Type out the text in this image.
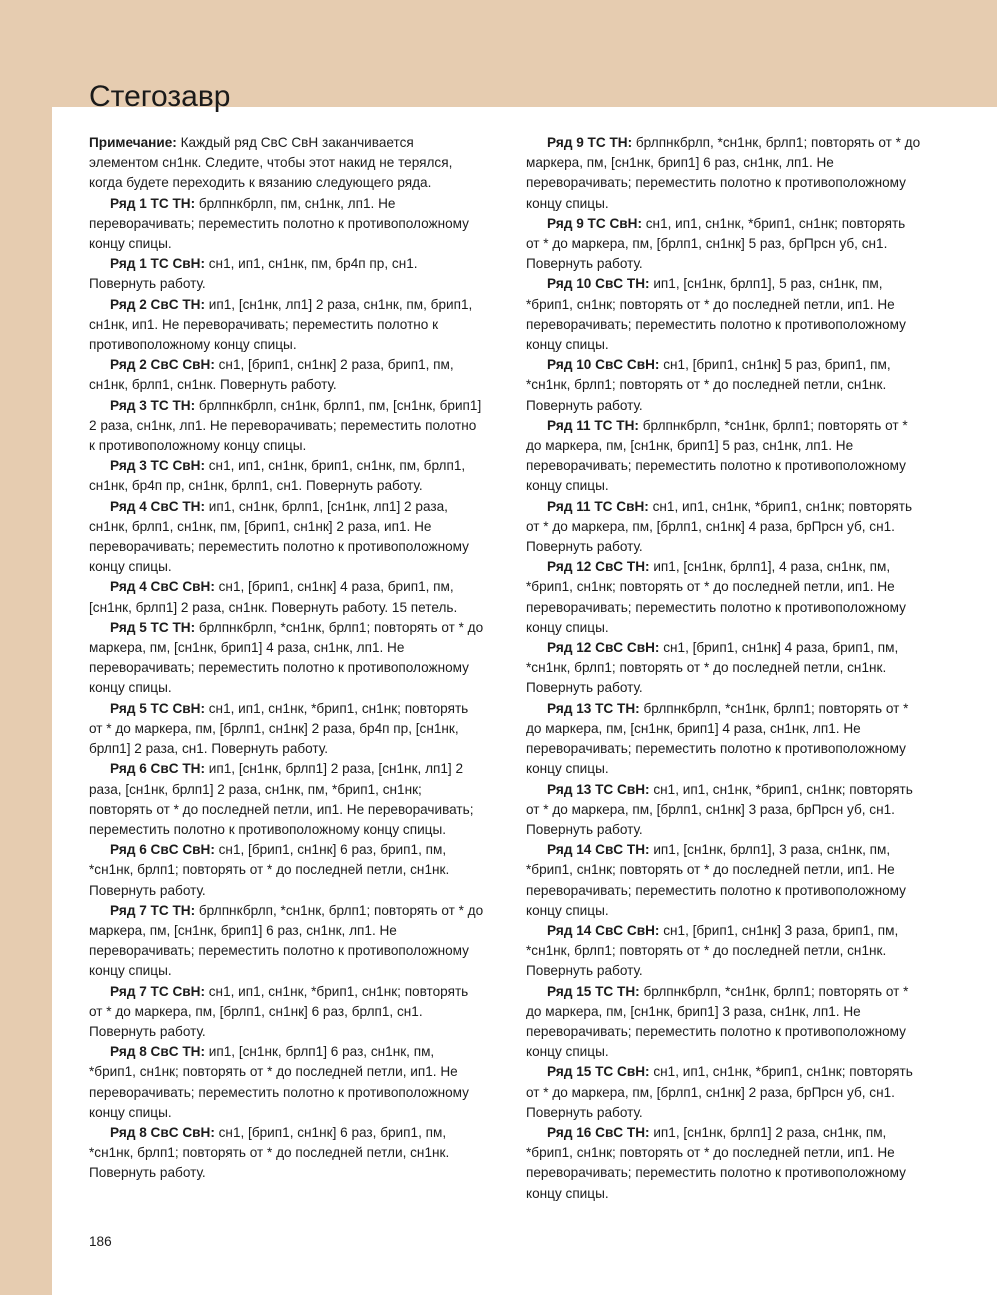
Стегозавр

Примечание: Каждый ряд СвС СвН заканчивается элементом сн1нк. Следите, чтобы этот накид не терялся, когда будете переходить к вязанию следующего ряда.

Ряд 1 ТС ТН: брлпнкбрлп, пм, сн1нк, лп1. Не переворачивать; переместить полотно к противоположному концу спицы.

Ряд 1 ТС СвН: сн1, ип1, сн1нк, пм, бр4п пр, сн1. Повернуть работу.

Ряд 2 СвС ТН: ип1, [сн1нк, лп1] 2 раза, сн1нк, пм, брип1, сн1нк, ип1. Не переворачивать; переместить полотно к противоположному концу спицы.

Ряд 2 СвС СвН: сн1, [брип1, сн1нк] 2 раза, брип1, пм, сн1нк, брлп1, сн1нк. Повернуть работу.

Ряд 3 ТС ТН: брлпнкбрлп, сн1нк, брлп1, пм, [сн1нк, брип1] 2 раза, сн1нк, лп1. Не переворачивать; переместить полотно к противоположному концу спицы.

Ряд 3 ТС СвН: сн1, ип1, сн1нк, брип1, сн1нк, пм, брлп1, сн1нк, бр4п пр, сн1нк, брлп1, сн1. Повернуть работу.

Ряд 4 СвС ТН: ип1, сн1нк, брлп1, [сн1нк, лп1] 2 раза, сн1нк, брлп1, сн1нк, пм, [брип1, сн1нк] 2 раза, ип1. Не переворачивать; переместить полотно к противоположному концу спицы.

Ряд 4 СвС СвН: сн1, [брип1, сн1нк] 4 раза, брип1, пм, [сн1нк, брлп1] 2 раза, сн1нк. Повернуть работу. 15 петель.

Ряд 5 ТС ТН: брлпнкбрлп, *сн1нк, брлп1; повторять от * до маркера, пм, [сн1нк, брип1] 4 раза, сн1нк, лп1. Не переворачивать; переместить полотно к противоположному концу спицы.

Ряд 5 ТС СвН: сн1, ип1, сн1нк, *брип1, сн1нк; повторять от * до маркера, пм, [брлп1, сн1нк] 2 раза, бр4п пр, [сн1нк, брлп1] 2 раза, сн1. Повернуть работу.

Ряд 6 СвС ТН: ип1, [сн1нк, брлп1] 2 раза, [сн1нк, лп1] 2 раза, [сн1нк, брлп1] 2 раза, сн1нк, пм, *брип1, сн1нк; повторять от * до последней петли, ип1. Не переворачивать; переместить полотно к противоположному концу спицы.

Ряд 6 СвС СвН: сн1, [брип1, сн1нк] 6 раз, брип1, пм, *сн1нк, брлп1; повторять от * до последней петли, сн1нк. Повернуть работу.

Ряд 7 ТС ТН: брлпнкбрлп, *сн1нк, брлп1; повторять от * до маркера, пм, [сн1нк, брип1] 6 раз, сн1нк, лп1. Не переворачивать; переместить полотно к противоположному концу спицы.

Ряд 7 ТС СвН: сн1, ип1, сн1нк, *брип1, сн1нк; повторять от * до маркера, пм, [брлп1, сн1нк] 6 раз, брлп1, сн1. Повернуть работу.

Ряд 8 СвС ТН: ип1, [сн1нк, брлп1] 6 раз, сн1нк, пм, *брип1, сн1нк; повторять от * до последней петли, ип1. Не переворачивать; переместить полотно к противоположному концу спицы.

Ряд 8 СвС СвН: сн1, [брип1, сн1нк] 6 раз, брип1, пм, *сн1нк, брлп1; повторять от * до последней петли, сн1нк. Повернуть работу.

Ряд 9 ТС ТН: брлпнкбрлп, *сн1нк, брлп1; повторять от * до маркера, пм, [сн1нк, брип1] 6 раз, сн1нк, лп1. Не переворачивать; переместить полотно к противоположному концу спицы.

Ряд 9 ТС СвН: сн1, ип1, сн1нк, *брип1, сн1нк; повторять от * до маркера, пм, [брлп1, сн1нк] 5 раз, брПрсн уб, сн1. Повернуть работу.

Ряд 10 СвС ТН: ип1, [сн1нк, брлп1], 5 раз, сн1нк, пм, *брип1, сн1нк; повторять от * до последней петли, ип1. Не переворачивать; переместить полотно к противоположному концу спицы.

Ряд 10 СвС СвН: сн1, [брип1, сн1нк] 5 раз, брип1, пм, *сн1нк, брлп1; повторять от * до последней петли, сн1нк. Повернуть работу.

Ряд 11 ТС ТН: брлпнкбрлп, *сн1нк, брлп1; повторять от * до маркера, пм, [сн1нк, брип1] 5 раз, сн1нк, лп1. Не переворачивать; переместить полотно к противоположному концу спицы.

Ряд 11 ТС СвН: сн1, ип1, сн1нк, *брип1, сн1нк; повторять от * до маркера, пм, [брлп1, сн1нк] 4 раза, брПрсн уб, сн1. Повернуть работу.

Ряд 12 СвС ТН: ип1, [сн1нк, брлп1], 4 раза, сн1нк, пм, *брип1, сн1нк; повторять от * до последней петли, ип1. Не переворачивать; переместить полотно к противоположному концу спицы.

Ряд 12 СвС СвН: сн1, [брип1, сн1нк] 4 раза, брип1, пм, *сн1нк, брлп1; повторять от * до последней петли, сн1нк. Повернуть работу.

Ряд 13 ТС ТН: брлпнкбрлп, *сн1нк, брлп1; повторять от * до маркера, пм, [сн1нк, брип1] 4 раза, сн1нк, лп1. Не переворачивать; переместить полотно к противоположному концу спицы.

Ряд 13 ТС СвН: сн1, ип1, сн1нк, *брип1, сн1нк; повторять от * до маркера, пм, [брлп1, сн1нк] 3 раза, брПрсн уб, сн1. Повернуть работу.

Ряд 14 СвС ТН: ип1, [сн1нк, брлп1], 3 раза, сн1нк, пм, *брип1, сн1нк; повторять от * до последней петли, ип1. Не переворачивать; переместить полотно к противоположному концу спицы.

Ряд 14 СвС СвН: сн1, [брип1, сн1нк] 3 раза, брип1, пм, *сн1нк, брлп1; повторять от * до последней петли, сн1нк. Повернуть работу.

Ряд 15 ТС ТН: брлпнкбрлп, *сн1нк, брлп1; повторять от * до маркера, пм, [сн1нк, брип1] 3 раза, сн1нк, лп1. Не переворачивать; переместить полотно к противоположному концу спицы.

Ряд 15 ТС СвН: сн1, ип1, сн1нк, *брип1, сн1нк; повторять от * до маркера, пм, [брлп1, сн1нк] 2 раза, брПрсн уб, сн1. Повернуть работу.

Ряд 16 СвС ТН: ип1, [сн1нк, брлп1] 2 раза, сн1нк, пм, *брип1, сн1нк; повторять от * до последней петли, ип1. Не переворачивать; переместить полотно к противоположному концу спицы.

186
